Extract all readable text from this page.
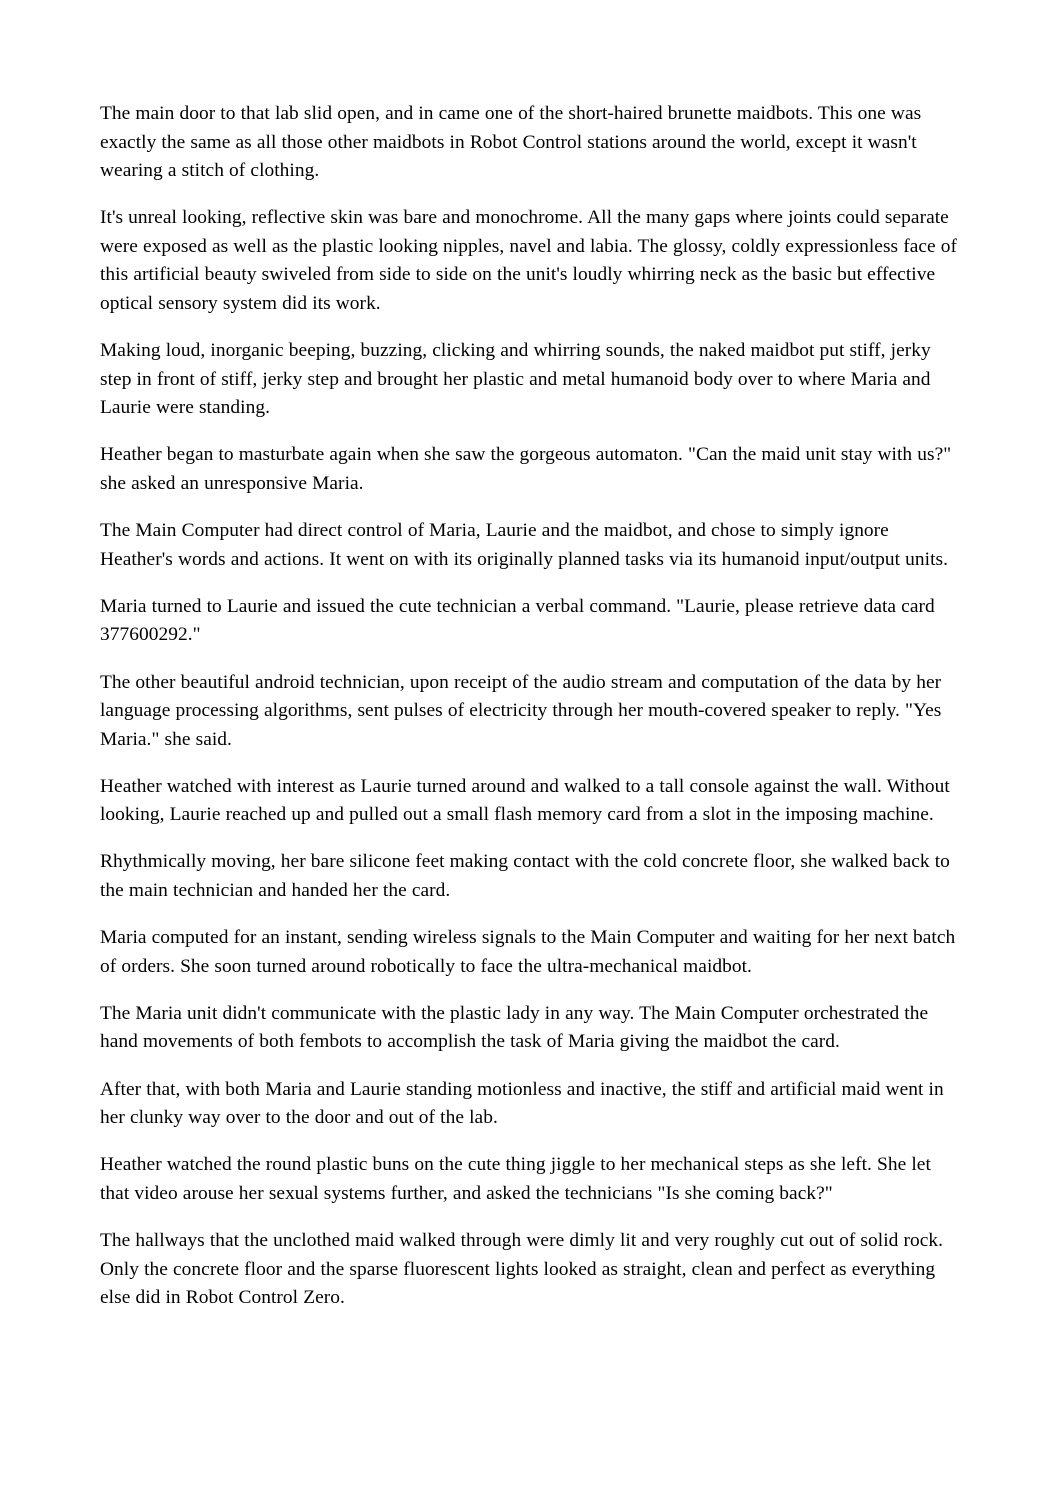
The main door to that lab slid open, and in came one of the short-haired brunette maidbots. This one was exactly the same as all those other maidbots in Robot Control stations around the world, except it wasn't wearing a stitch of clothing.

It's unreal looking, reflective skin was bare and monochrome. All the many gaps where joints could separate were exposed as well as the plastic looking nipples, navel and labia. The glossy, coldly expressionless face of this artificial beauty swiveled from side to side on the unit's loudly whirring neck as the basic but effective optical sensory system did its work.

Making loud, inorganic beeping, buzzing, clicking and whirring sounds, the naked maidbot put stiff, jerky step in front of stiff, jerky step and brought her plastic and metal humanoid body over to where Maria and Laurie were standing.

Heather began to masturbate again when she saw the gorgeous automaton. "Can the maid unit stay with us?" she asked an unresponsive Maria.

The Main Computer had direct control of Maria, Laurie and the maidbot, and chose to simply ignore Heather's words and actions. It went on with its originally planned tasks via its humanoid input/output units.

Maria turned to Laurie and issued the cute technician a verbal command. "Laurie, please retrieve data card 377600292."

The other beautiful android technician, upon receipt of the audio stream and computation of the data by her language processing algorithms, sent pulses of electricity through her mouth-covered speaker to reply. "Yes Maria." she said.

Heather watched with interest as Laurie turned around and walked to a tall console against the wall. Without looking, Laurie reached up and pulled out a small flash memory card from a slot in the imposing machine.

Rhythmically moving, her bare silicone feet making contact with the cold concrete floor, she walked back to the main technician and handed her the card.

Maria computed for an instant, sending wireless signals to the Main Computer and waiting for her next batch of orders. She soon turned around robotically to face the ultra-mechanical maidbot.

The Maria unit didn't communicate with the plastic lady in any way. The Main Computer orchestrated the hand movements of both fembots to accomplish the task of Maria giving the maidbot the card.

After that, with both Maria and Laurie standing motionless and inactive, the stiff and artificial maid went in her clunky way over to the door and out of the lab.

Heather watched the round plastic buns on the cute thing jiggle to her mechanical steps as she left. She let that video arouse her sexual systems further, and asked the technicians "Is she coming back?"

The hallways that the unclothed maid walked through were dimly lit and very roughly cut out of solid rock. Only the concrete floor and the sparse fluorescent lights looked as straight, clean and perfect as everything else did in Robot Control Zero.
